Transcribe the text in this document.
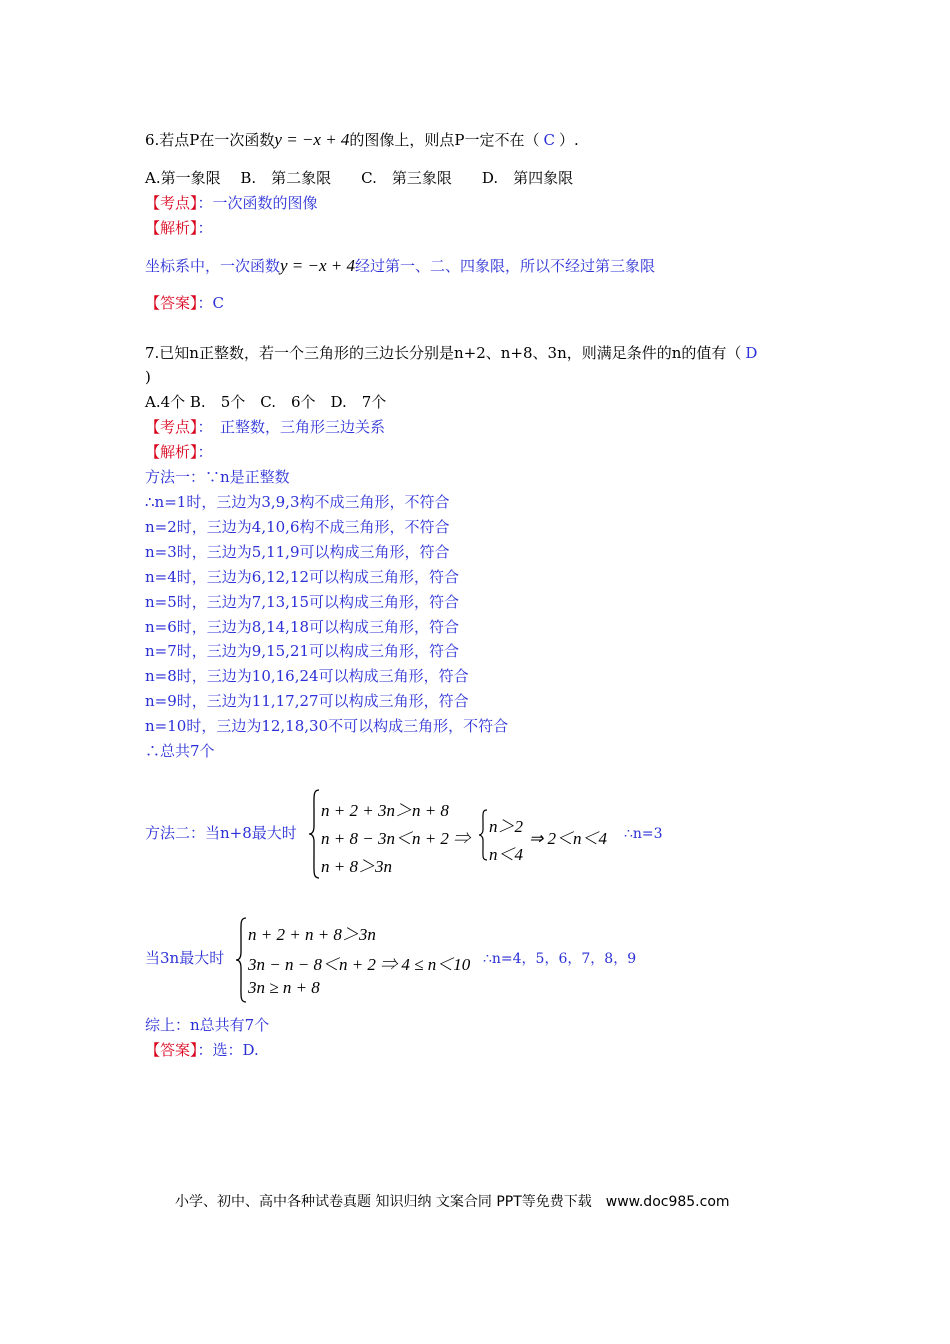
6.若点P在一次函数y = −x + 4的图像上，则点P一定不在（ C ）.
A.第一象限　 B.　第二象限　　C.　第三象限　　D.　第四象限
【考点】：一次函数的图像
【解析】：
坐标系中，一次函数y = −x + 4经过第一、二、四象限，所以不经过第三象限
【答案】：C
7.已知n正整数，若一个三角形的三边长分别是n+2、n+8、3n，则满足条件的n的值有（ D
)
A.4个 B.　5个　C.　6个　D.　7个
【考点】：　正整数，三角形三边关系
【解析】：
方法一：∵n是正整数
∴n=1时，三边为3,9,3构不成三角形，不符合
n=2时，三边为4,10,6构不成三角形，不符合
n=3时，三边为5,11,9可以构成三角形，符合
n=4时，三边为6,12,12可以构成三角形，符合
n=5时，三边为7,13,15可以构成三角形，符合
n=6时，三边为8,14,18可以构成三角形，符合
n=7时，三边为9,15,21可以构成三角形，符合
n=8时，三边为10,16,24可以构成三角形，符合
n=9时，三边为11,17,27可以构成三角形，符合
n=10时，三边为12,18,30不可以构成三角形，不符合
∴总共7个
方法二：当n+8最大时
n + 2 + 3n＞n + 8
n + 8 − 3n＜n + 2 ⇒
n + 8＞3n
n＞2
n＜4
⇒ 2＜n＜4 ∴n=3
当3n最大时
n + 2 + n + 8＞3n
3n − n − 8＜n + 2 ⇒ 4 ≤ n＜10
3n ≥ n + 8
∴n=4，5，6，7，8，9
综上：n总共有7个
【答案】：选：D.
小学、初中、高中各种试卷真题 知识归纳 文案合同 PPT等免费下载　www.doc985.com
